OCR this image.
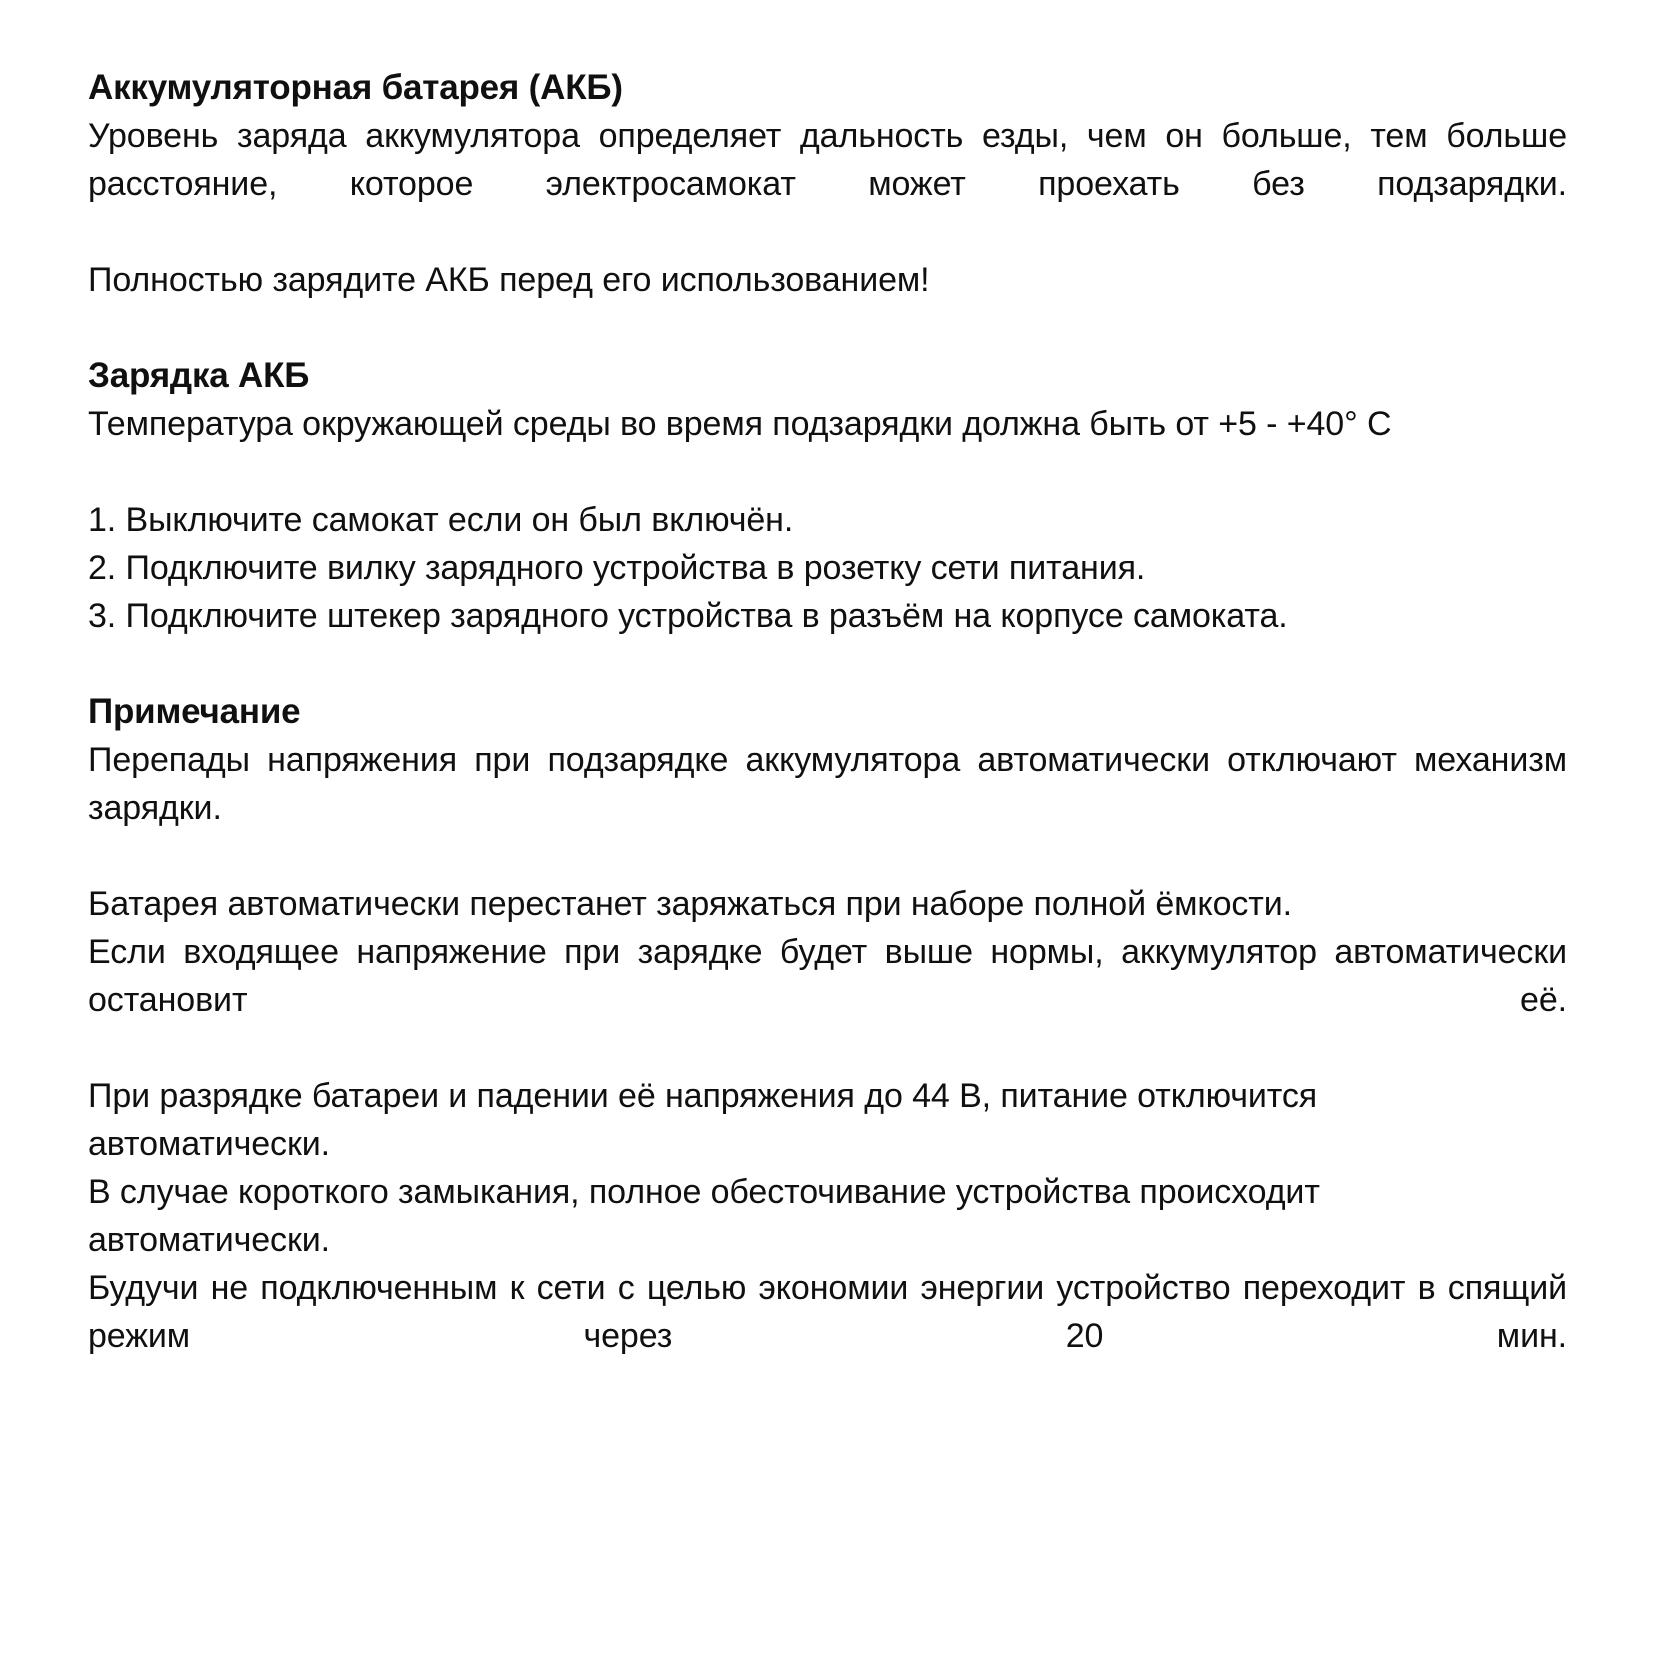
Аккумуляторная батарея (АКБ)

Уровень заряда аккумулятора определяет дальность езды, чем он больше, тем больше расстояние, которое электросамокат может проехать без подзарядки.

Полностью зарядите АКБ перед его использованием!

Зарядка АКБ

Температура окружающей среды во время подзарядки должна быть от +5 - +40° С

1. Выключите самокат если он был включён.

2. Подключите вилку зарядного устройства в розетку сети питания.

3. Подключите штекер зарядного устройства в разъём на корпусе самоката.

Примечание

Перепады напряжения при подзарядке аккумулятора автоматически отключают механизм зарядки.

Батарея автоматически перестанет заряжаться при наборе полной ёмкости.

Если входящее напряжение при зарядке будет выше нормы, аккумулятор автоматически остановит её.

При разрядке батареи и падении её напряжения до 44 В, питание отключится автоматически.

В случае короткого замыкания, полное обесточивание устройства происходит автоматически.

Будучи не подключенным к сети с целью экономии энергии устройство переходит в спящий режим через 20 мин.
